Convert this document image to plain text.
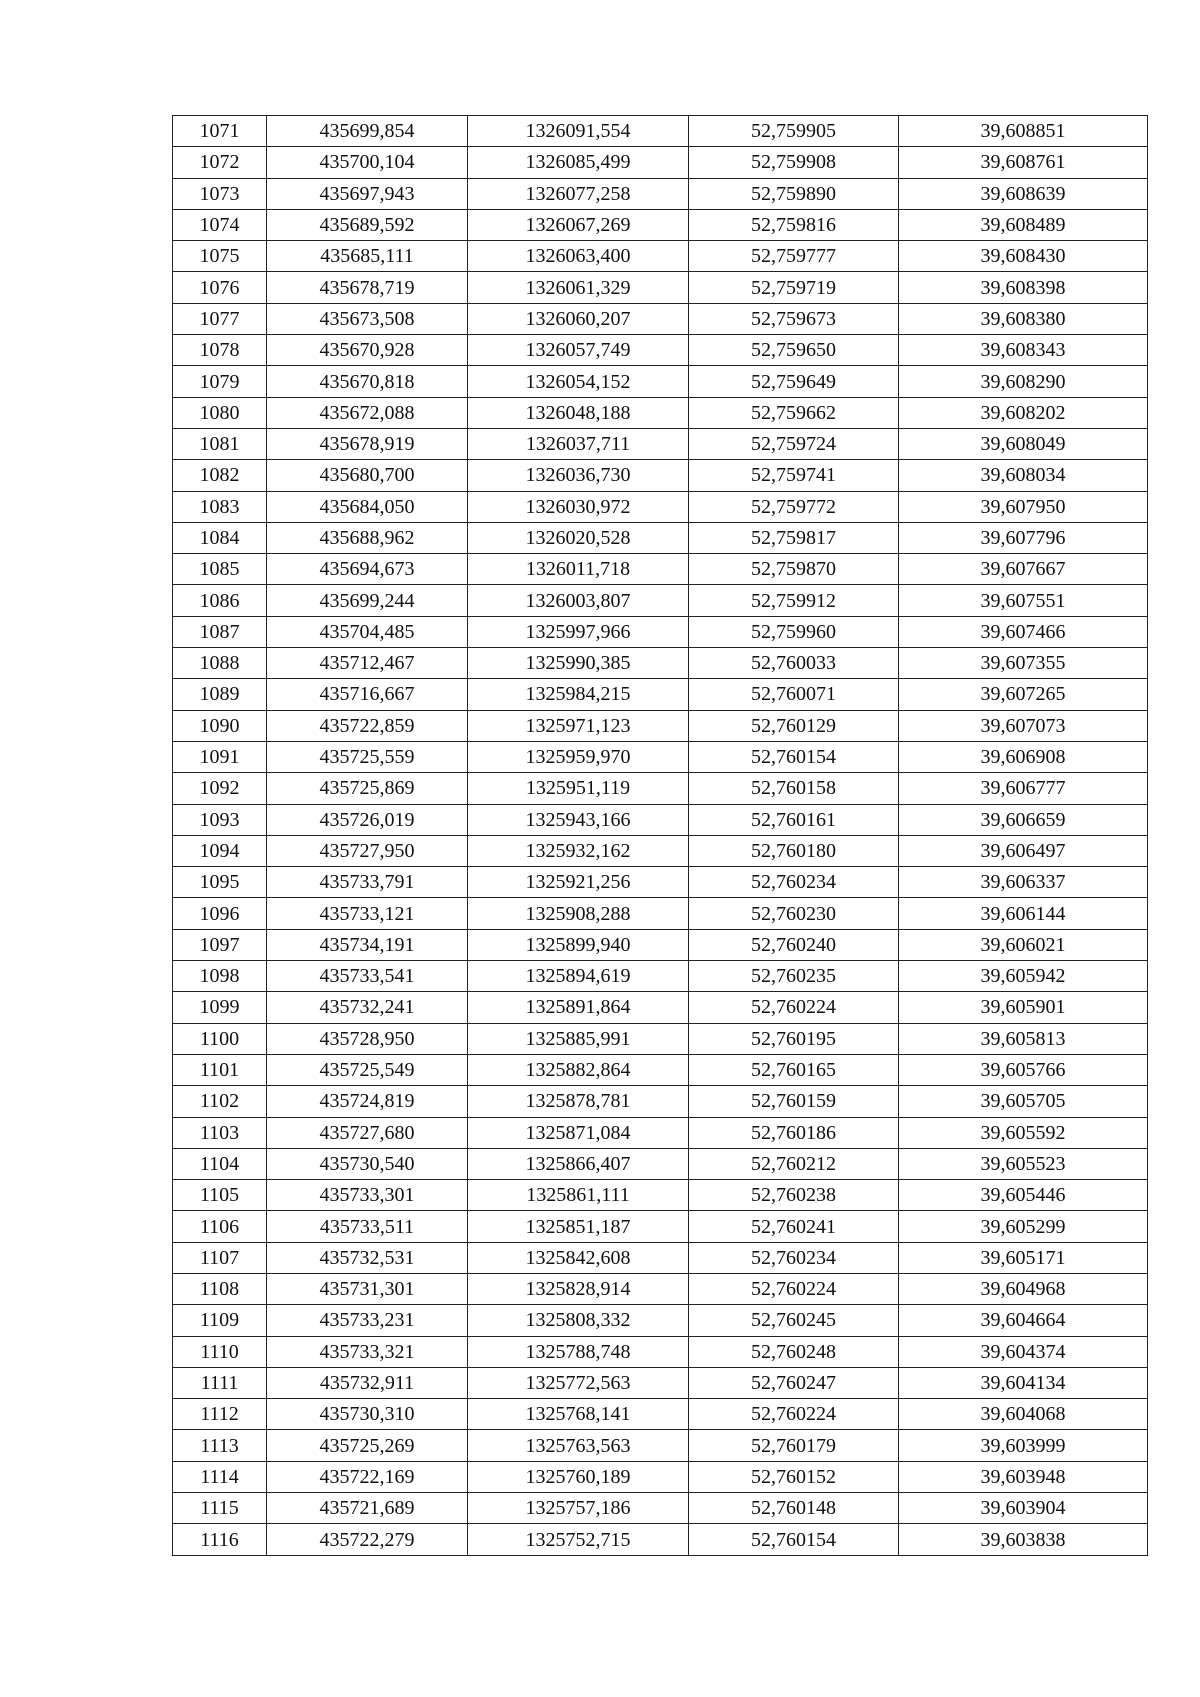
1071	435699,854	1326091,554	52,759905	39,608851
1072	435700,104	1326085,499	52,759908	39,608761
1073	435697,943	1326077,258	52,759890	39,608639
1074	435689,592	1326067,269	52,759816	39,608489
1075	435685,111	1326063,400	52,759777	39,608430
1076	435678,719	1326061,329	52,759719	39,608398
1077	435673,508	1326060,207	52,759673	39,608380
1078	435670,928	1326057,749	52,759650	39,608343
1079	435670,818	1326054,152	52,759649	39,608290
1080	435672,088	1326048,188	52,759662	39,608202
1081	435678,919	1326037,711	52,759724	39,608049
1082	435680,700	1326036,730	52,759741	39,608034
1083	435684,050	1326030,972	52,759772	39,607950
1084	435688,962	1326020,528	52,759817	39,607796
1085	435694,673	1326011,718	52,759870	39,607667
1086	435699,244	1326003,807	52,759912	39,607551
1087	435704,485	1325997,966	52,759960	39,607466
1088	435712,467	1325990,385	52,760033	39,607355
1089	435716,667	1325984,215	52,760071	39,607265
1090	435722,859	1325971,123	52,760129	39,607073
1091	435725,559	1325959,970	52,760154	39,606908
1092	435725,869	1325951,119	52,760158	39,606777
1093	435726,019	1325943,166	52,760161	39,606659
1094	435727,950	1325932,162	52,760180	39,606497
1095	435733,791	1325921,256	52,760234	39,606337
1096	435733,121	1325908,288	52,760230	39,606144
1097	435734,191	1325899,940	52,760240	39,606021
1098	435733,541	1325894,619	52,760235	39,605942
1099	435732,241	1325891,864	52,760224	39,605901
1100	435728,950	1325885,991	52,760195	39,605813
1101	435725,549	1325882,864	52,760165	39,605766
1102	435724,819	1325878,781	52,760159	39,605705
1103	435727,680	1325871,084	52,760186	39,605592
1104	435730,540	1325866,407	52,760212	39,605523
1105	435733,301	1325861,111	52,760238	39,605446
1106	435733,511	1325851,187	52,760241	39,605299
1107	435732,531	1325842,608	52,760234	39,605171
1108	435731,301	1325828,914	52,760224	39,604968
1109	435733,231	1325808,332	52,760245	39,604664
1110	435733,321	1325788,748	52,760248	39,604374
1111	435732,911	1325772,563	52,760247	39,604134
1112	435730,310	1325768,141	52,760224	39,604068
1113	435725,269	1325763,563	52,760179	39,603999
1114	435722,169	1325760,189	52,760152	39,603948
1115	435721,689	1325757,186	52,760148	39,603904
1116	435722,279	1325752,715	52,760154	39,603838
